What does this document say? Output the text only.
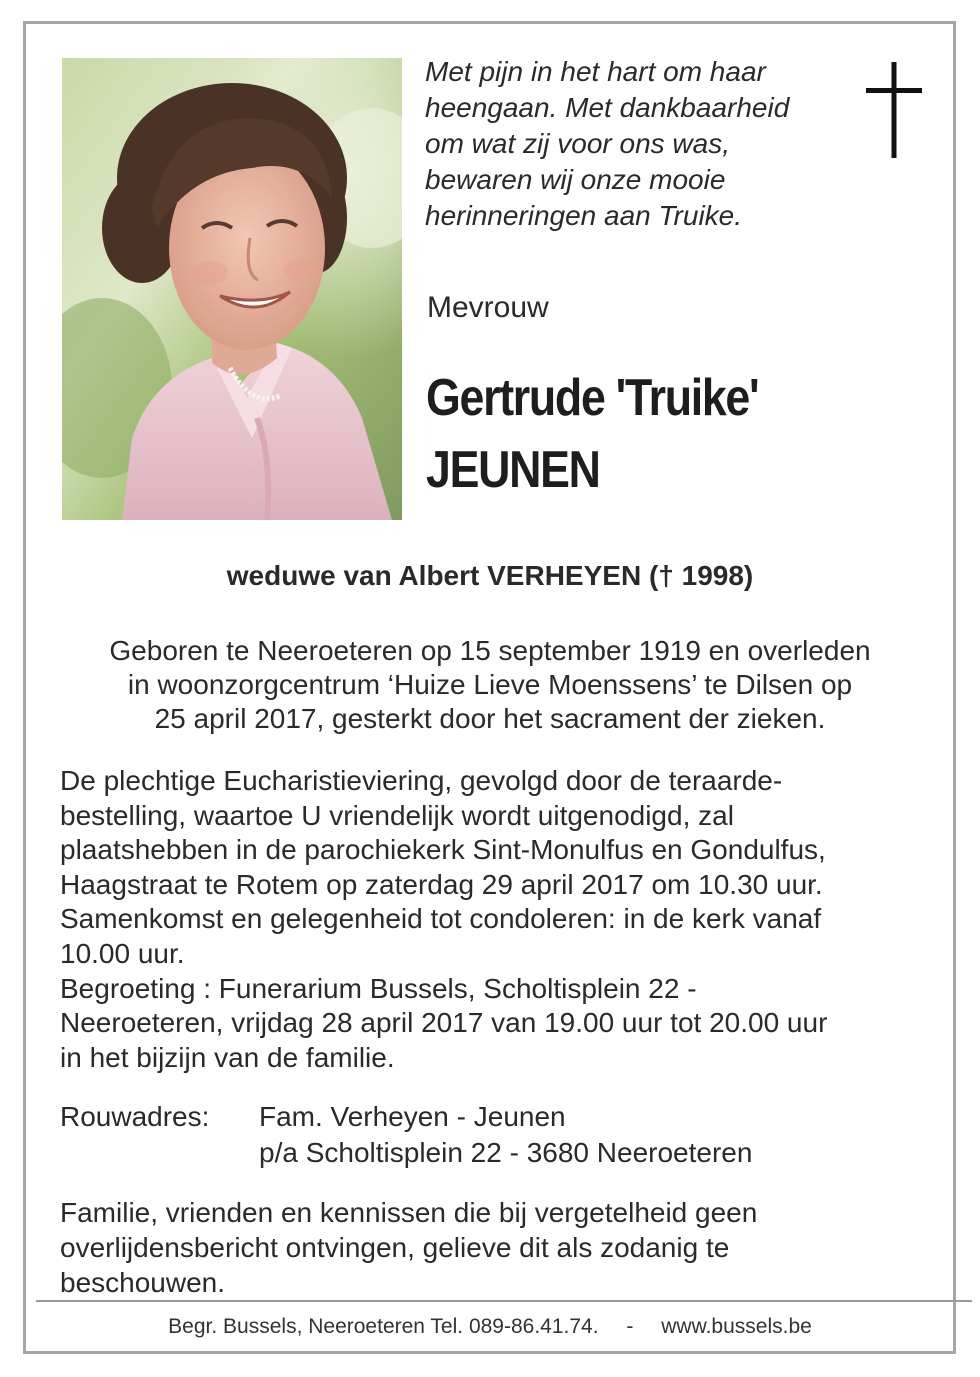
Met pijn in het hart om haar
heengaan. Met dankbaarheid
om wat zij voor ons was,
bewaren wij onze mooie
herinneringen aan Truike.

Mevrouw

Gertrude 'Truike'
JEUNEN

weduwe van Albert VERHEYEN († 1998)

Geboren te Neeroeteren op 15 september 1919 en overleden
in woonzorgcentrum ‘Huize Lieve Moenssens’ te Dilsen op
25 april 2017, gesterkt door het sacrament der zieken.

De plechtige Eucharistieviering, gevolgd door de teraarde-
bestelling, waartoe U vriendelijk wordt uitgenodigd, zal
plaatshebben in de parochiekerk Sint-Monulfus en Gondulfus,
Haagstraat te Rotem op zaterdag 29 april 2017 om 10.30 uur.
Samenkomst en gelegenheid tot condoleren: in de kerk vanaf
10.00 uur.
Begroeting : Funerarium Bussels, Scholtisplein 22 -
Neeroeteren, vrijdag 28 april 2017 van 19.00 uur tot 20.00 uur
in het bijzijn van de familie.

Rouwadres: Fam. Verheyen - Jeunen
p/a Scholtisplein 22 - 3680 Neeroeteren

Familie, vrienden en kennissen die bij vergetelheid geen
overlijdensbericht ontvingen, gelieve dit als zodanig te
beschouwen.

Begr. Bussels, Neeroeteren Tel. 089-86.41.74. - www.bussels.be
